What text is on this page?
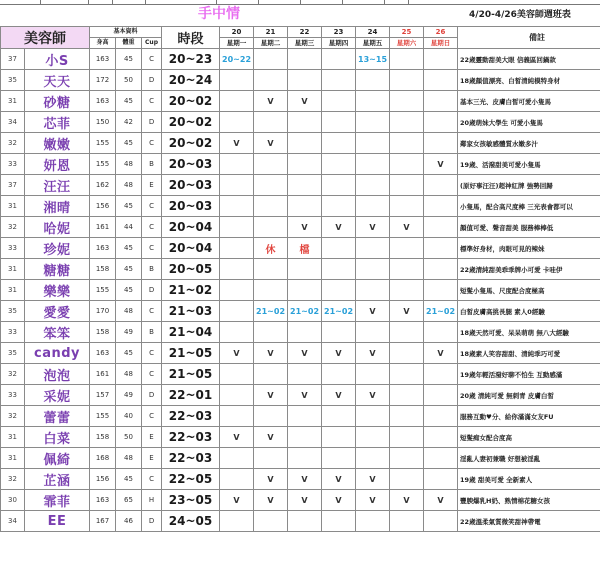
手中情	4/20-4/26美容師週班表
美容師		基本資料			時段	20	21	22	23	24	25	26	備註
		身高	體重	Cup		星期一	星期二	星期三	星期四	星期五	星期六	星期日	
37	小S	163	45	C	20~23	20~22				13~15			22歲靈動甜美大眼 信義區回鍋款
35	天天	172	50	D	20~24								18歲顏值漂亮、白皙清純模特身材
31	砂糖	163	45	C	20~02		V	V					基本三光、皮膚白皙可愛小隻馬
34	芯菲	150	42	D	20~02								20歲萌妹大學生 可愛小隻馬
32	嫩嫩	155	45	C	20~02	V	V						鄰家女孩敏感體質水嫩多汁
33	妍恩	155	48	B	20~03							V	19歲、活潑甜美可愛小隻馬
37	汪汪	162	48	E	20~03								(原好事汪汪)超神紅牌 強勢回歸
31	湘晴	156	45	C	20~03								小隻馬，配合高尺度棒 三光表會都可以
32	哈妮	161	44	C	20~04			V	V	V	V		顏值可愛、聲音甜美 服務棒棒低
33	珍妮	163	45	C	20~04		休	檔					標準好身材，肉眼可見的辣妹
31	糖糖	158	45	B	20~05								22歲清純甜美乖乖牌小可愛 卡哇伊
31	樂樂	155	45	D	21~02								短髮小隻馬、尺度配合度極高
35	愛愛	170	48	C	21~03		21~02	21~02	21~02	V	V	21~02	白皙皮膚高挑長腿 素人0經驗
33	笨笨	158	49	B	21~04								18歲天然可愛、呆呆萌萌 無八大經驗
35	candy	163	45	C	21~05	V	V	V	V	V		V	18歲素人笑容甜甜、清純乖巧可愛
32	泡泡	161	48	C	21~05								19歲年輕活潑好聊不怕生 互動感滿
33	采妮	157	49	D	22~01		V	V	V	V			20歲 清純可愛 無刺青 皮膚白皙
32	蕾蕾	155	40	C	22~03								服務互動♥分、給你滿滿女友FU
31	白菜	158	50	E	22~03	V	V						短髮痴女配合度高
31	佩綺	168	48	E	22~03								淫亂人妻初兼職 好想被淫亂
32	芷涵	156	45	C	22~05		V	V	V	V			19歲 甜美可愛 全新素人
30	霏菲	163	65	H	23~05	V	V	V	V	V	V	V	豐腴爆乳H奶、熟情棉花糖女孩
34	EE	167	46	D	24~05								22歲溫柔氣質微笑甜神帶電
